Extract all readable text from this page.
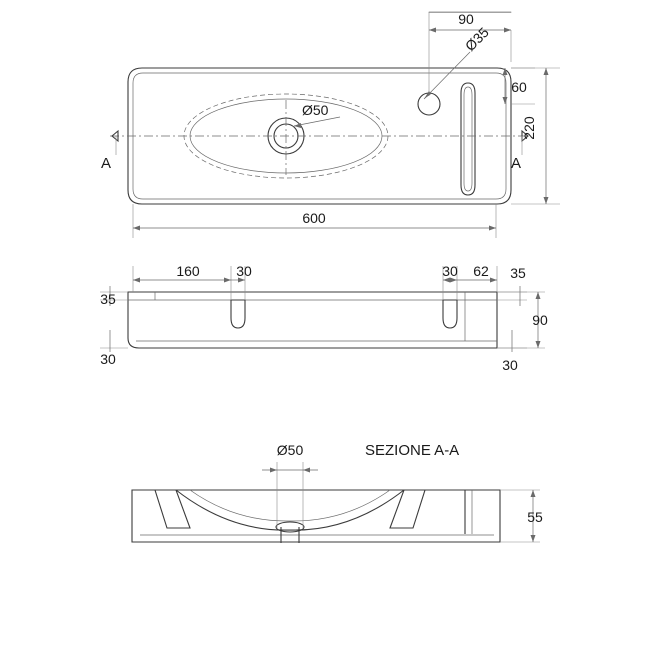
A	A
90
Ø35
60
Ø50
220
600
160	30	30 62 35
35
30	30
90
SEZIONE A-A
Ø50
55
